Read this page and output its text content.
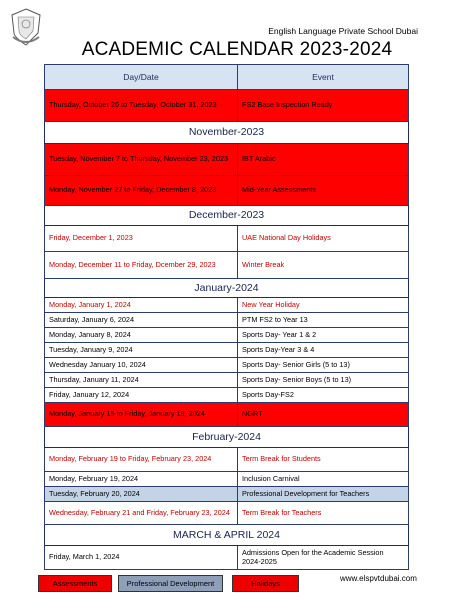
English Language Private School Dubai
ACADEMIC CALENDAR 2023-2024
Day/Date	Event
Thursday, October 26 to Tuesday, October 31, 2023	FS2 Base Inspection Ready
November-2023	
Tuesday, November 7 to Thursday, November 23, 2023	IBT Arabic
Monday, November 27 to Friday, December 8, 2023	Mid-Year Assessments
December-2023	
Friday, December 1, 2023	UAE National Day Holidays
Monday, December 11 to Friday, Dcember 29, 2023	Winter Break
January-2024	
Monday, January 1, 2024	New Year Holiday
Saturday, January 6, 2024	PTM FS2 to Year 13
Monday, January 8, 2024	Sports Day- Year 1 & 2
Tuesday, January 9, 2024	Sports Day-Year 3 & 4
Wednesday January 10, 2024	Sports Day- Senior Girls (5 to 13)
Thursday, January 11, 2024	Sports Day- Senior Boys (5 to 13)
Friday, January 12, 2024	Sports Day-FS2
Monday, January 15 to Friday, January 19, 2024	NGRT
February-2024	
Monday, February 19 to Friday, February 23, 2024	Term Break for Students
Monday, February 19, 2024	Inclusion Carnival
Tuesday, February 20, 2024	Professional Development for Teachers
Wednesday, February 21 and Friday, February 23, 2024	Term Break for Teachers
MARCH & APRIL 2024	
Friday, March 1, 2024	Admissions Open for the Academic Session 2024-2025
Assessments	Professional Development	Holidays
www.elspvtdubai.com
